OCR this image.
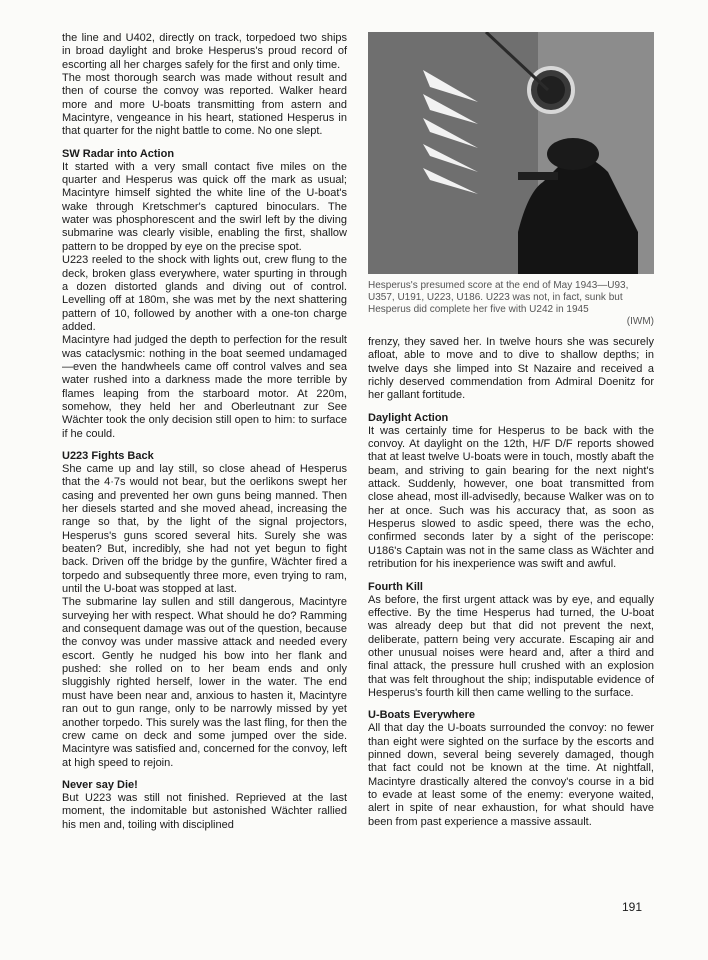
the line and U402, directly on track, torpedoed two ships in broad daylight and broke Hesperus's proud record of escorting all her charges safely for the first and only time.

The most thorough search was made without result and then of course the convoy was reported. Walker heard more and more U-boats transmitting from astern and Macintyre, vengeance in his heart, stationed Hesperus in that quarter for the night battle to come. No one slept.

SW Radar into Action

It started with a very small contact five miles on the quarter and Hesperus was quick off the mark as usual; Macintyre himself sighted the white line of the U-boat's wake through Kretschmer's captured binoculars. The water was phosphorescent and the swirl left by the diving submarine was clearly visible, enabling the first, shallow pattern to be dropped by eye on the precise spot.

U223 reeled to the shock with lights out, crew flung to the deck, broken glass everywhere, water spurting in through a dozen distorted glands and diving out of control. Levelling off at 180m, she was met by the next shattering pattern of 10, followed by another with a one-ton charge added.

Macintyre had judged the depth to perfection for the result was cataclysmic: nothing in the boat seemed undamaged—even the handwheels came off control valves and sea water rushed into a darkness made the more terrible by flames leaping from the starboard motor. At 220m, somehow, they held her and Oberleutnant zur See Wächter took the only decision still open to him: to surface if he could.

U223 Fights Back

She came up and lay still, so close ahead of Hesperus that the 4·7s would not bear, but the oerlikons swept her casing and prevented her own guns being manned. Then her diesels started and she moved ahead, increasing the range so that, by the light of the signal projectors, Hesperus's guns scored several hits. Surely she was beaten? But, incredibly, she had not yet begun to fight back. Driven off the bridge by the gunfire, Wächter fired a torpedo and subsequently three more, even trying to ram, until the U-boat was stopped at last.

The submarine lay sullen and still dangerous, Macintyre surveying her with respect. What should he do? Ramming and consequent damage was out of the question, because the convoy was under massive attack and needed every escort. Gently he nudged his bow into her flank and pushed: she rolled on to her beam ends and only sluggishly righted herself, lower in the water. The end must have been near and, anxious to hasten it, Macintyre ran out to gun range, only to be narrowly missed by yet another torpedo. This surely was the last fling, for then the crew came on deck and some jumped over the side. Macintyre was satisfied and, concerned for the convoy, left at high speed to rejoin.

Never say Die!

But U223 was still not finished. Reprieved at the last moment, the indomitable but astonished Wächter rallied his men and, toiling with disciplined

Hesperus's presumed score at the end of May 1943—U93, U357, U191, U223, U186. U223 was not, in fact, sunk but Hesperus did complete her five with U242 in 1945
(IWM)

frenzy, they saved her. In twelve hours she was securely afloat, able to move and to dive to shallow depths; in twelve days she limped into St Nazaire and received a richly deserved commendation from Admiral Doenitz for her gallant fortitude.

Daylight Action

It was certainly time for Hesperus to be back with the convoy. At daylight on the 12th, H/F D/F reports showed that at least twelve U-boats were in touch, mostly abaft the beam, and striving to gain bearing for the next night's attack. Suddenly, however, one boat transmitted from close ahead, most ill-advisedly, because Walker was on to her at once. Such was his accuracy that, as soon as Hesperus slowed to asdic speed, there was the echo, confirmed seconds later by a sight of the periscope: U186's Captain was not in the same class as Wächter and retribution for his inexperience was swift and awful.

Fourth Kill

As before, the first urgent attack was by eye, and equally effective. By the time Hesperus had turned, the U-boat was already deep but that did not prevent the next, deliberate, pattern being very accurate. Escaping air and other unusual noises were heard and, after a third and final attack, the pressure hull crushed with an explosion that was felt throughout the ship; indisputable evidence of Hesperus's fourth kill then came welling to the surface.

U-Boats Everywhere

All that day the U-boats surrounded the convoy: no fewer than eight were sighted on the surface by the escorts and pinned down, several being severely damaged, though that fact could not be known at the time. At nightfall, Macintyre drastically altered the convoy's course in a bid to evade at least some of the enemy: everyone waited, alert in spite of near exhaustion, for what should have been from past experience a massive assault.

191
